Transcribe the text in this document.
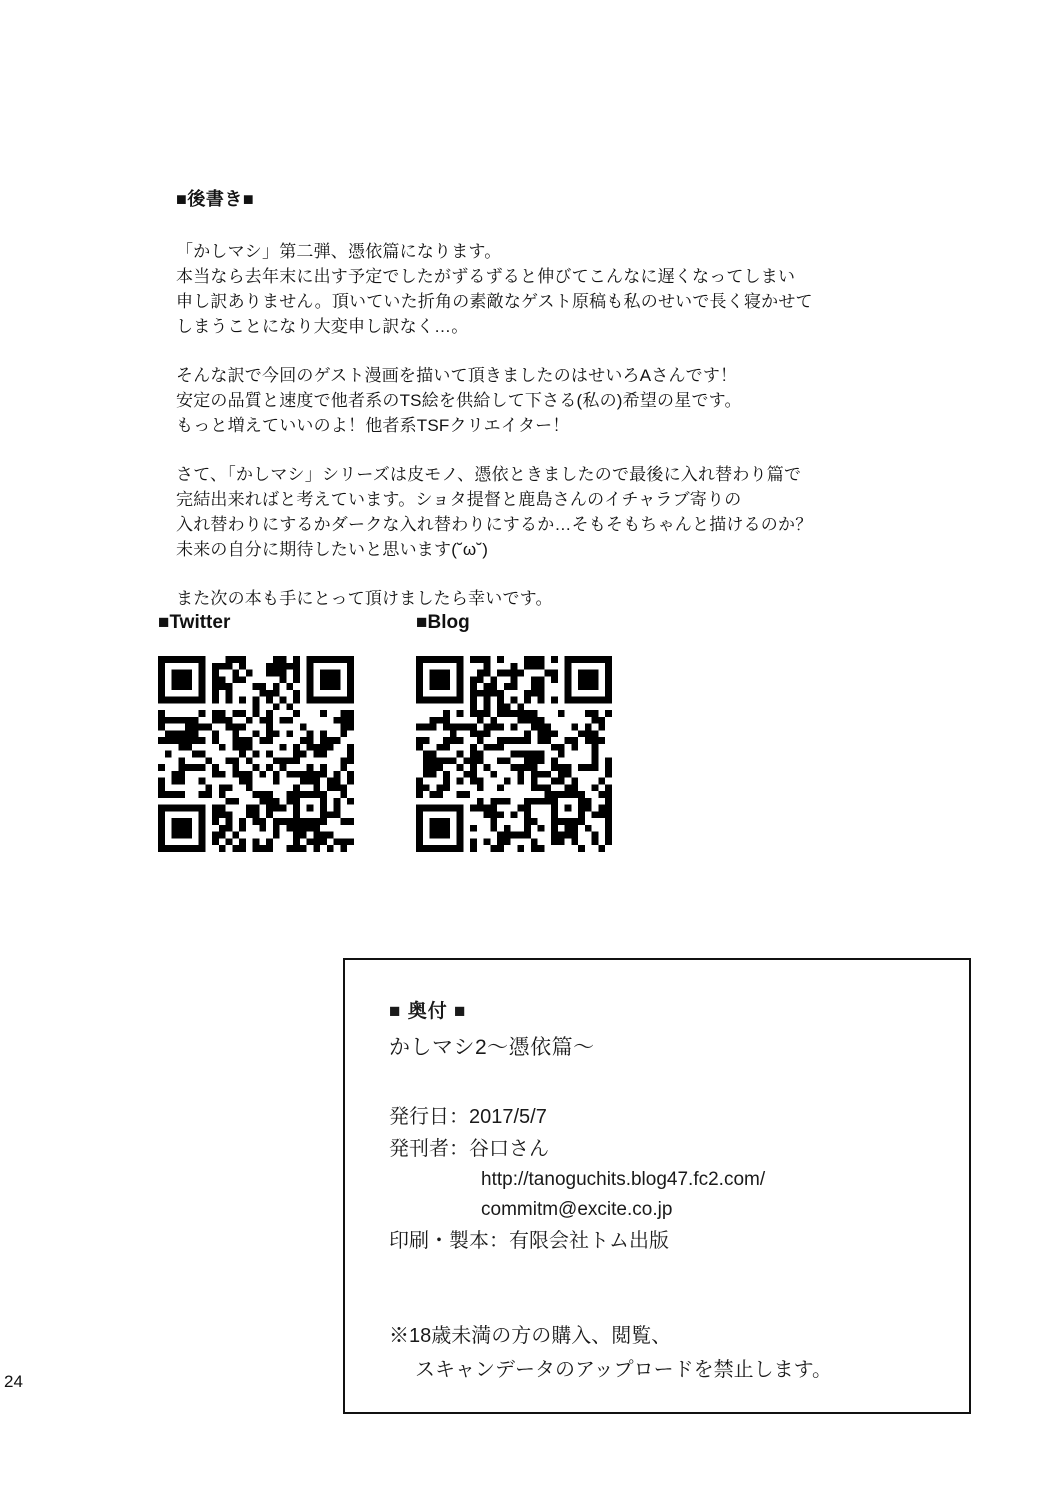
■後書き■

「かしマシ」第二弾、憑依篇になります。
本当なら去年末に出す予定でしたがずるずると伸びてこんなに遅くなってしまい
申し訳ありません。頂いていた折角の素敵なゲスト原稿も私のせいで長く寝かせて
しまうことになり大変申し訳なく…。

そんな訳で今回のゲスト漫画を描いて頂きましたのはせいろAさんです！
安定の品質と速度で他者系のTS絵を供給して下さる(私の)希望の星です。
もっと増えていいのよ！他者系TSFクリエイター！

さて、「かしマシ」シリーズは皮モノ、憑依ときましたので最後に入れ替わり篇で
完結出来ればと考えています。ショタ提督と鹿島さんのイチャラブ寄りの
入れ替わりにするかダークな入れ替わりにするか…そもそもちゃんと描けるのか？
未来の自分に期待したいと思います(˘ω˘)

また次の本も手にとって頂けましたら幸いです。

■Twitter	■Blog
■ 奥付 ■
かしマシ2〜憑依篇〜
発行日：2017/5/7
発刊者：谷口さん
http://tanoguchits.blog47.fc2.com/
commitm@excite.co.jp
印刷・製本：有限会社トム出版
※18歳未満の方の購入、閲覧、
スキャンデータのアップロードを禁止します。
24
